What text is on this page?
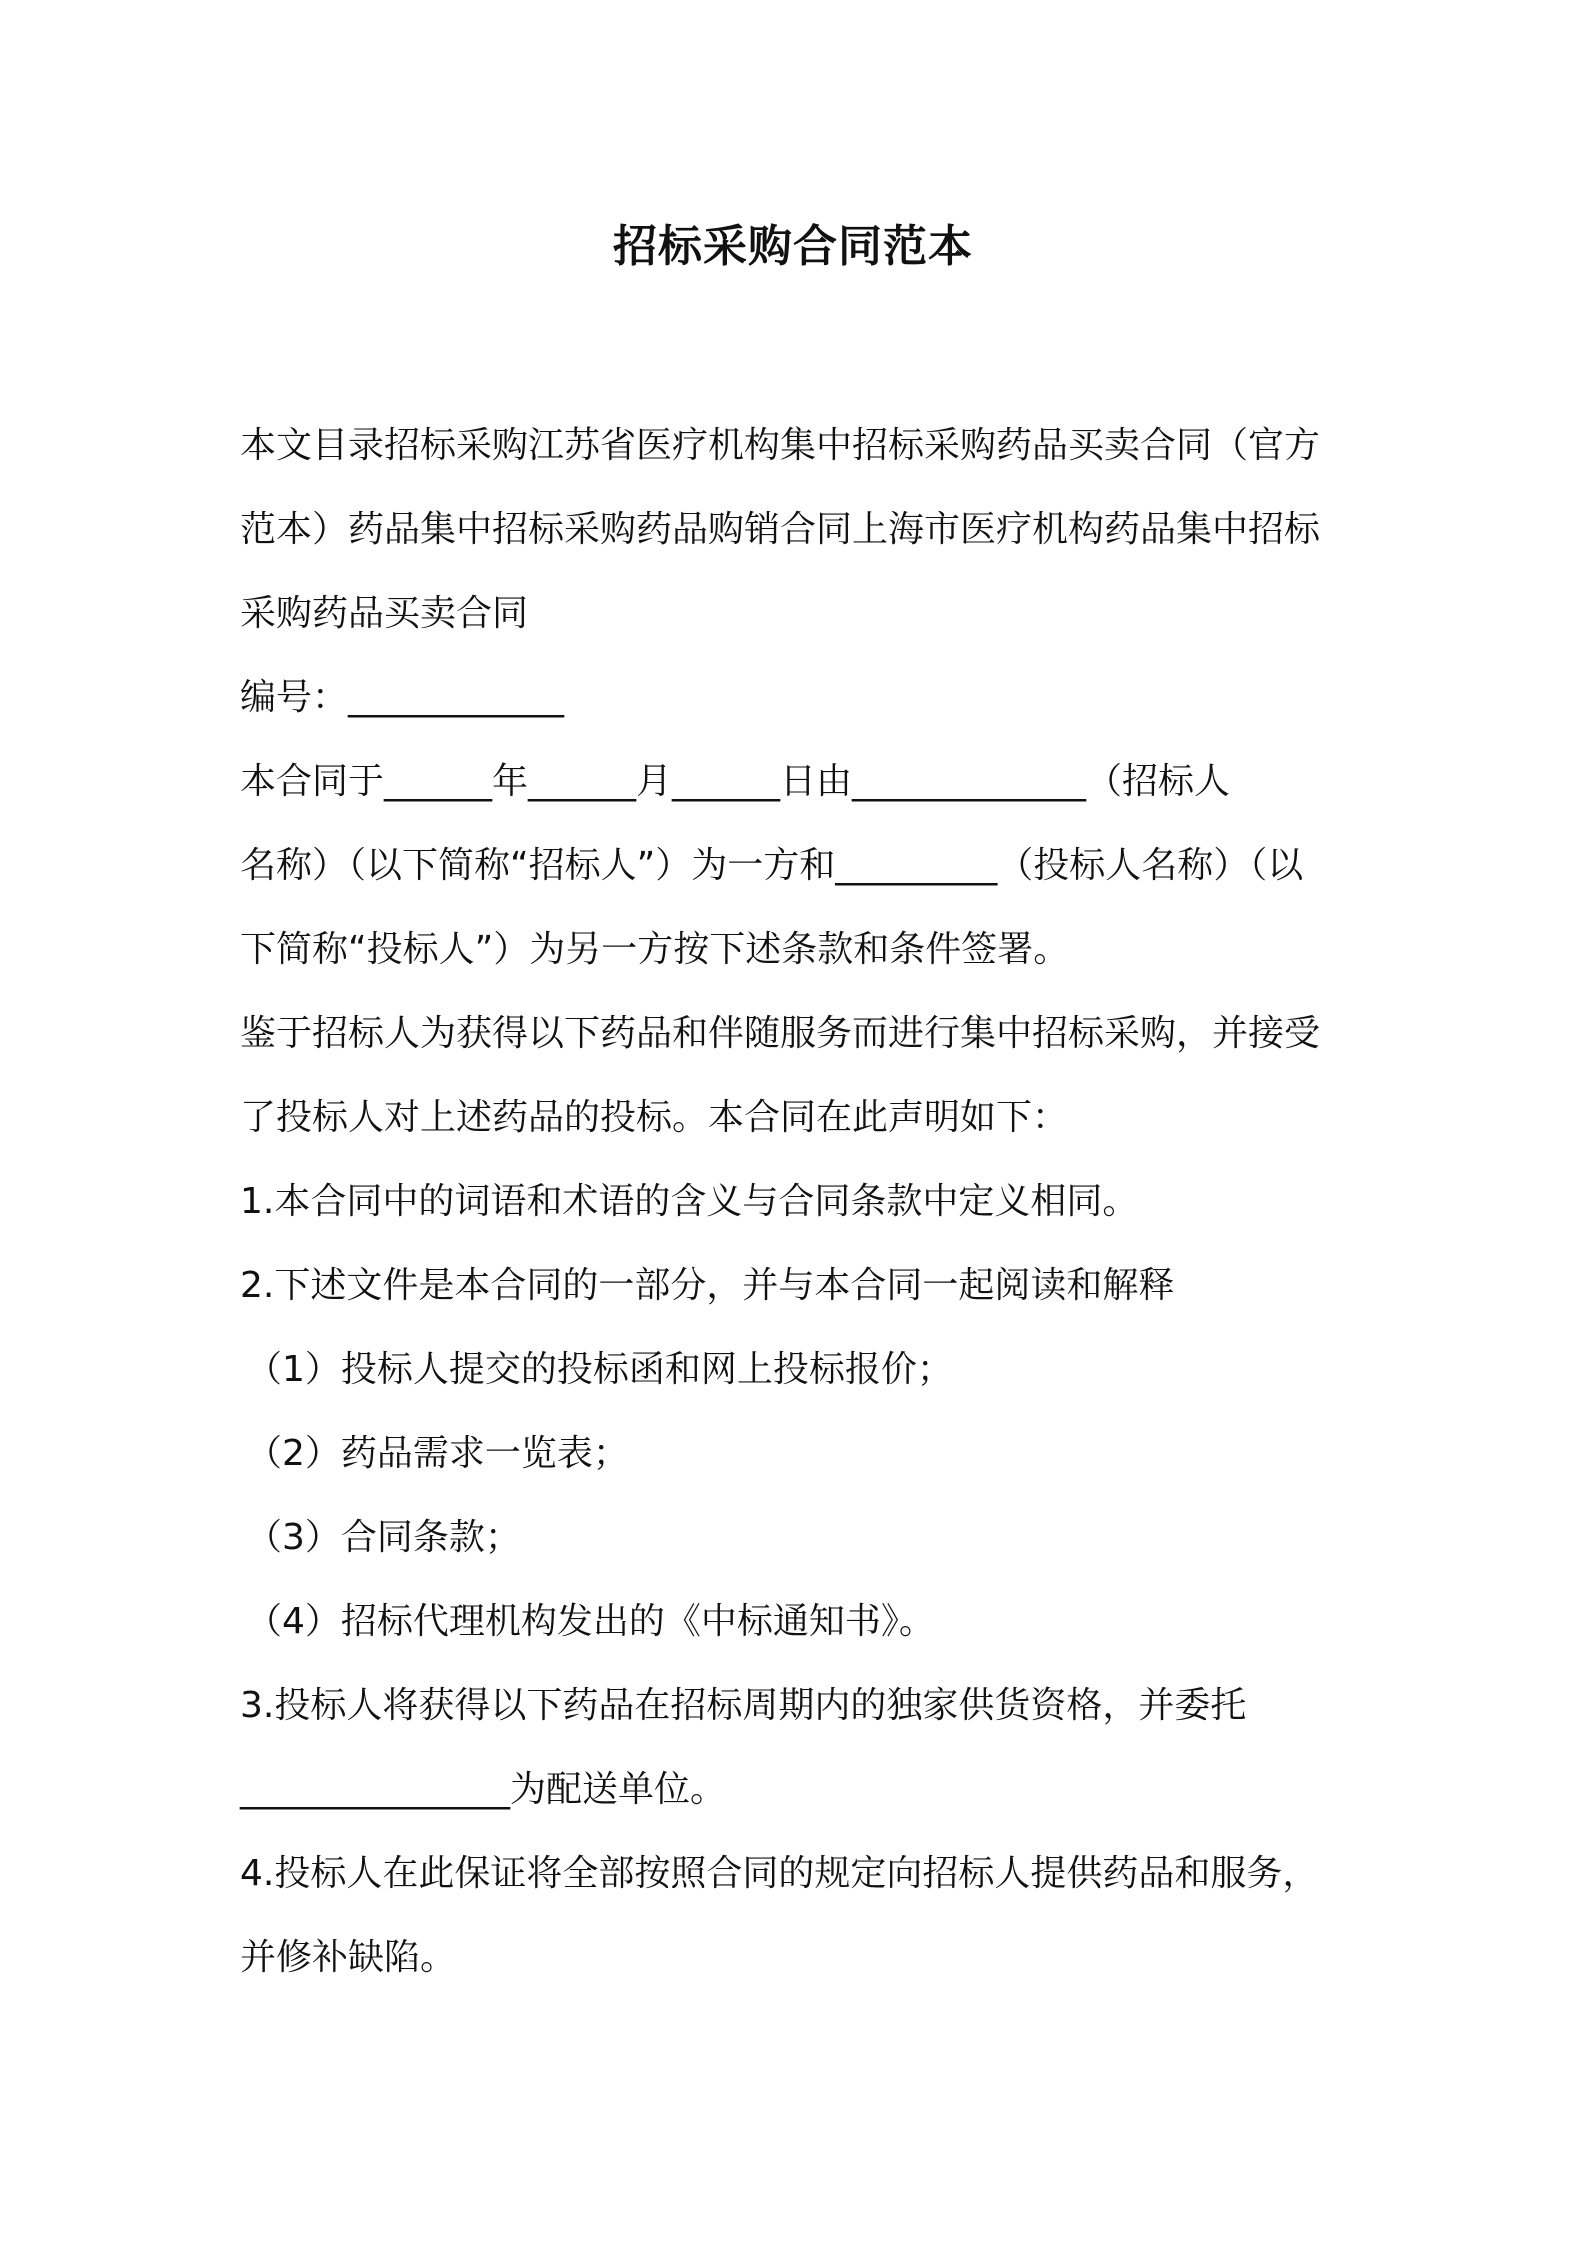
招标采购合同范本

本文目录招标采购江苏省医疗机构集中招标采购药品买卖合同（官方

范本）药品集中招标采购药品购销合同上海市医疗机构药品集中招标

采购药品买卖合同

编号：____________

本合同于______年______月______日由_____________（招标人

名称）（以下简称“招标人”）为一方和_________（投标人名称）（以

下简称“投标人”）为另一方按下述条款和条件签署。

鉴于招标人为获得以下药品和伴随服务而进行集中招标采购，并接受

了投标人对上述药品的投标。本合同在此声明如下：

1.本合同中的词语和术语的含义与合同条款中定义相同。

2.下述文件是本合同的一部分，并与本合同一起阅读和解释

（1）投标人提交的投标函和网上投标报价；

（2）药品需求一览表；

（3）合同条款；

（4）招标代理机构发出的《中标通知书》。

3.投标人将获得以下药品在招标周期内的独家供货资格，并委托

_______________为配送单位。

4.投标人在此保证将全部按照合同的规定向招标人提供药品和服务，

并修补缺陷。
